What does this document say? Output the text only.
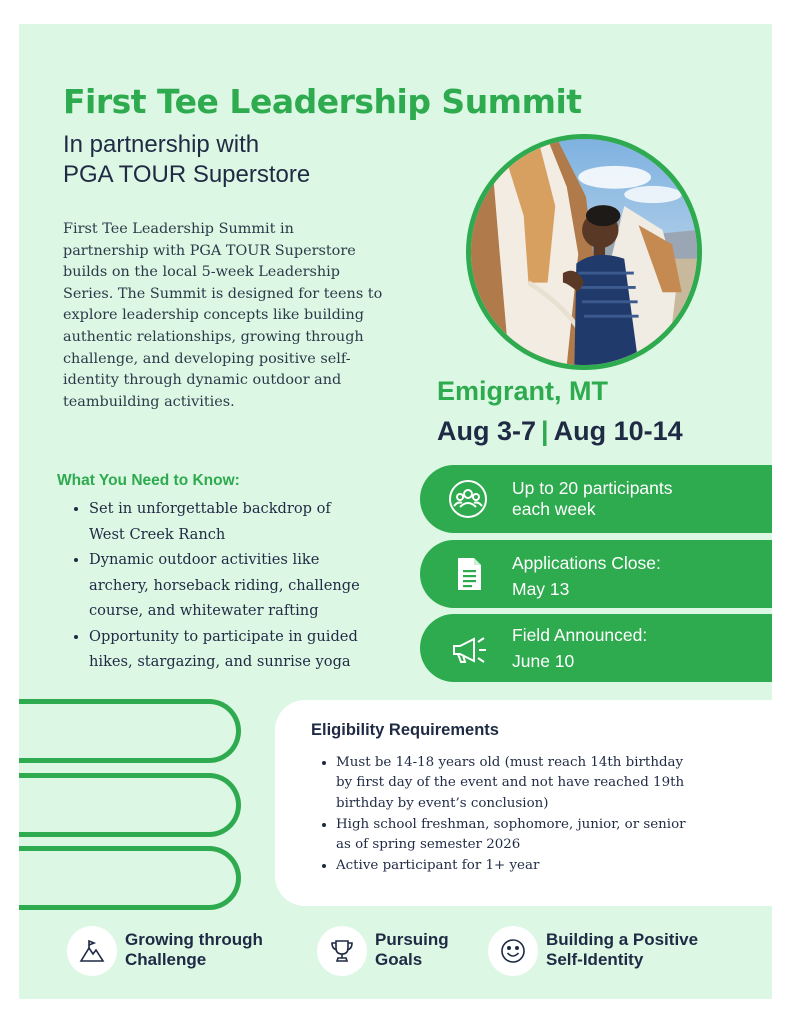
First Tee Leadership Summit
In partnership with
PGA TOUR Superstore
First Tee Leadership Summit in
partnership with PGA TOUR Superstore
builds on the local 5-week Leadership
Series. The Summit is designed for teens to
explore leadership concepts like building
authentic relationships, growing through
challenge, and developing positive self-
identity through dynamic outdoor and
teambuilding activities.	Emigrant, MT
Aug 3-7 | Aug 10-14
What You Need to Know:
• Set in unforgettable backdrop of
West Creek Ranch
• Dynamic outdoor activities like
archery, horseback riding, challenge
course, and whitewater rafting
• Opportunity to participate in guided
hikes, stargazing, and sunrise yoga
Up to 20 participants
each week
Applications Close:
May 13
Field Announced:
June 10
Eligibility Requirements
• Must be 14-18 years old (must reach 14th birthday
by first day of the event and not have reached 19th
birthday by event’s conclusion)
• High school freshman, sophomore, junior, or senior
as of spring semester 2026
• Active participant for 1+ year
Growing through
Challenge
Pursuing
Goals
Building a Positive
Self-Identity
